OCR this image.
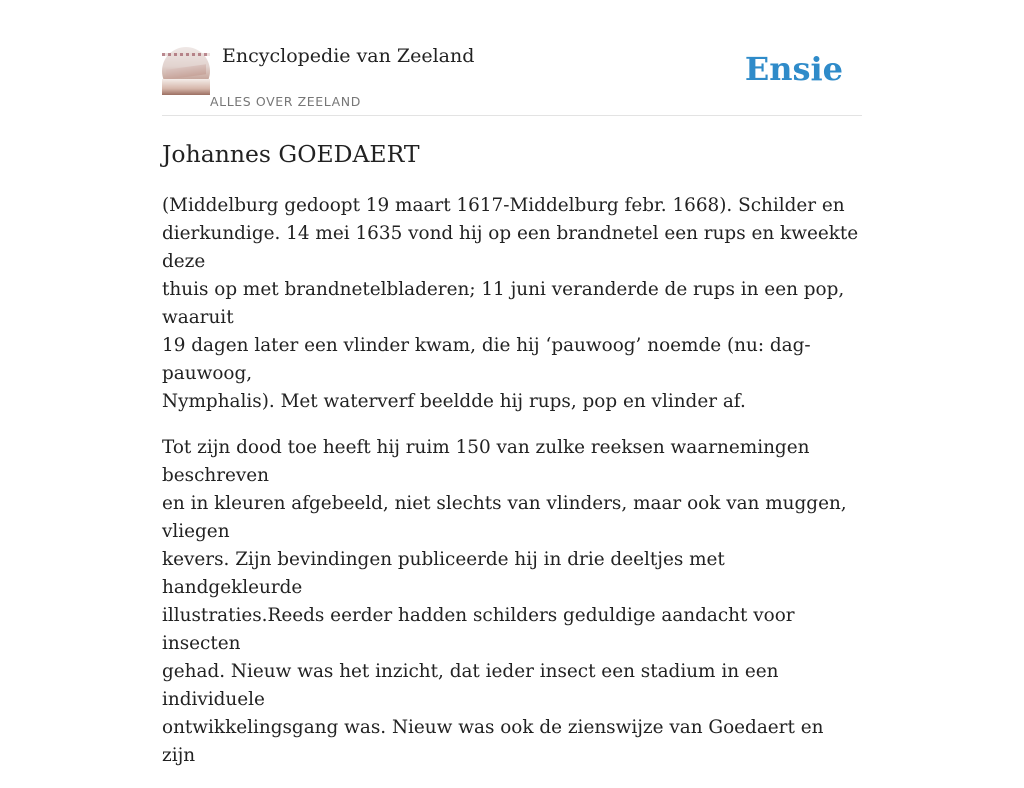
Encyclopedie van Zeeland
ALLES OVER ZEELAND
Ensie
Johannes GOEDAERT

(Middelburg gedoopt 19 maart 1617-Middelburg febr. 1668). Schilder en
dierkundige. 14 mei 1635 vond hij op een brandnetel een rups en kweekte deze
thuis op met brandnetelbladeren; 11 juni veranderde de rups in een pop, waaruit
19 dagen later een vlinder kwam, die hij ‘pauwoog’ noemde (nu: dag-pauwoog,
Nymphalis). Met waterverf beeldde hij rups, pop en vlinder af.

Tot zijn dood toe heeft hij ruim 150 van zulke reeksen waarnemingen beschreven
en in kleuren afgebeeld, niet slechts van vlinders, maar ook van muggen, vliegen
kevers. Zijn bevindingen publiceerde hij in drie deeltjes met handgekleurde
illustraties.Reeds eerder hadden schilders geduldige aandacht voor insecten
gehad. Nieuw was het inzicht, dat ieder insect een stadium in een individuele
ontwikkelingsgang was. Nieuw was ook de zienswijze van Goedaert en zijn
